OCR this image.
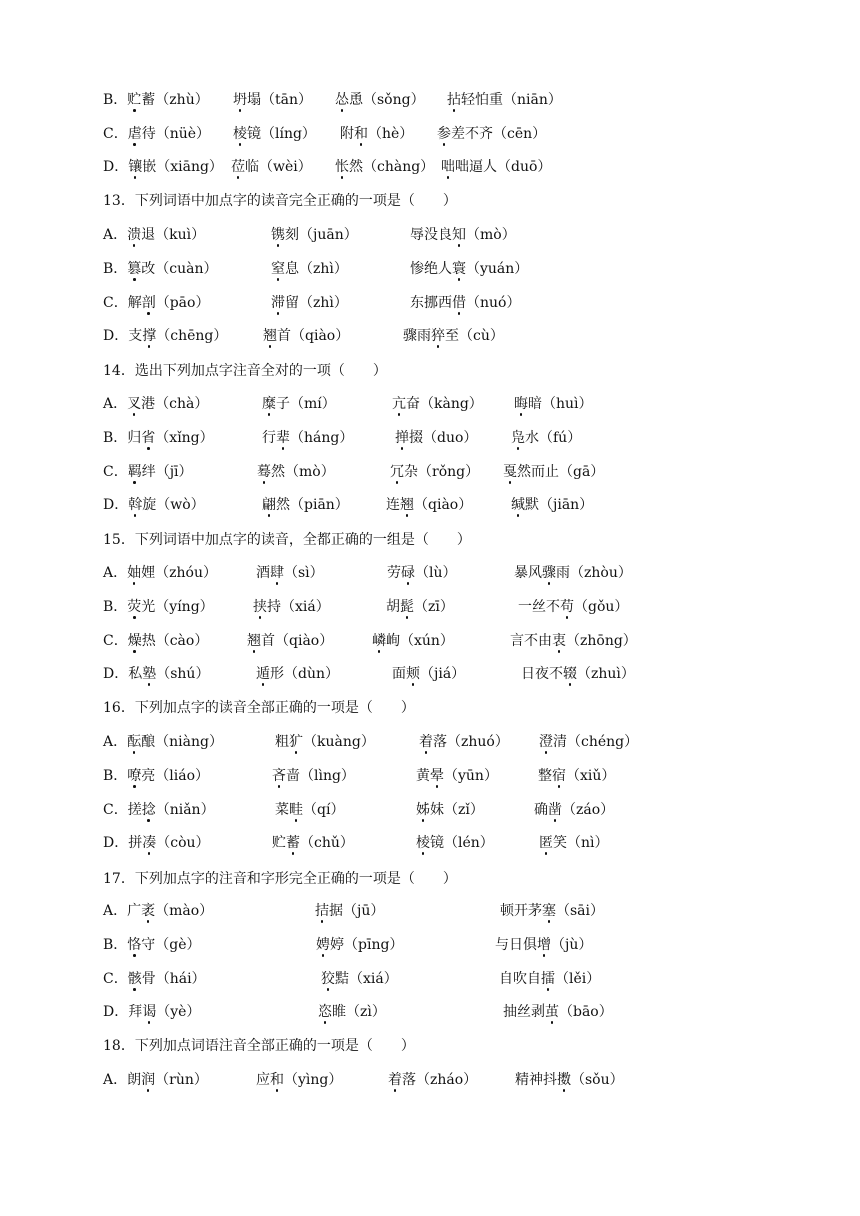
B．贮蓄（zhù） 坍塌（tān） 怂恿（sǒng） 拈轻怕重（niān）
C．虐待（nüè） 棱镜（líng） 附和（hè） 参差不齐（cēn）
D．镶嵌（xiāng） 莅临（wèi） 怅然（chàng） 咄咄逼人（duō）
13．下列词语中加点字的读音完全正确的一项是（　　）
A．溃退（kuì）	镌刻（juān）	辱没良知（mò）
B．篡改（cuàn）	窒息（zhì）	惨绝人寰（yuán）
C．解剖（pāo）	滞留（zhì）	东挪西借（nuó）
D．支撑（chēng）	翘首（qiào）	骤雨猝至（cù）
14．选出下列加点字注音全对的一项（　　）
A．叉港（chà）	糜子（mí）	亢奋（kàng） 晦暗（huì）
B．归省（xǐng）	行辈（háng）	掸掇（duo） 凫水（fú）
C．羁绊（jī）	蓦然（mò）	冗杂（rǒng） 戛然而止（gā）
D．斡旋（wò）	翩然（piān）	连翘（qiào）	缄默（jiān）
15．下列词语中加点字的读音，全都正确的一组是（　　）
A．妯娌（zhóu）	酒肆（sì）	劳碌（lù）	暴风骤雨（zhòu）
B．荧光（yíng）	挟持（xiá）	胡髭（zī）	一丝不苟（gǒu）
C．燥热（cào）	翘首（qiào）	嶙峋（xún）	言不由衷（zhōng）
D．私塾（shú）	遁形（dùn）	面颊（jiá）	日夜不辍（zhuì）
16．下列加点字的读音全部正确的一项是（　　）
A．酝酿（niàng）	粗犷（kuàng）	着落（zhuó） 澄清（chéng）
B．嘹亮（liáo）	吝啬（lìng）	黄晕（yūn）	整宿（xiǔ）
C．搓捻（niǎn）	菜畦（qí）	姊妹（zǐ）	确凿（záo）
D．拼凑（còu）	贮蓄（chǔ）	棱镜（lén）	匿笑（nì）
17．下列加点字的注音和字形完全正确的一项是（　　）
A．广袤（mào）	拮据（jū）	顿开茅塞（sāi）
B．恪守（gè）	娉婷（pīng）	与日俱增（jù）
C．骸骨（hái）	狡黠（xiá）	自吹自擂（lěi）
D．拜谒（yè）	恣睢（zì）	抽丝剥茧（bāo）
18．下列加点词语注音全部正确的一项是（　　）
A．朗润（rùn）	应和（yìng）	着落（zháo）	精神抖擞（sǒu）
